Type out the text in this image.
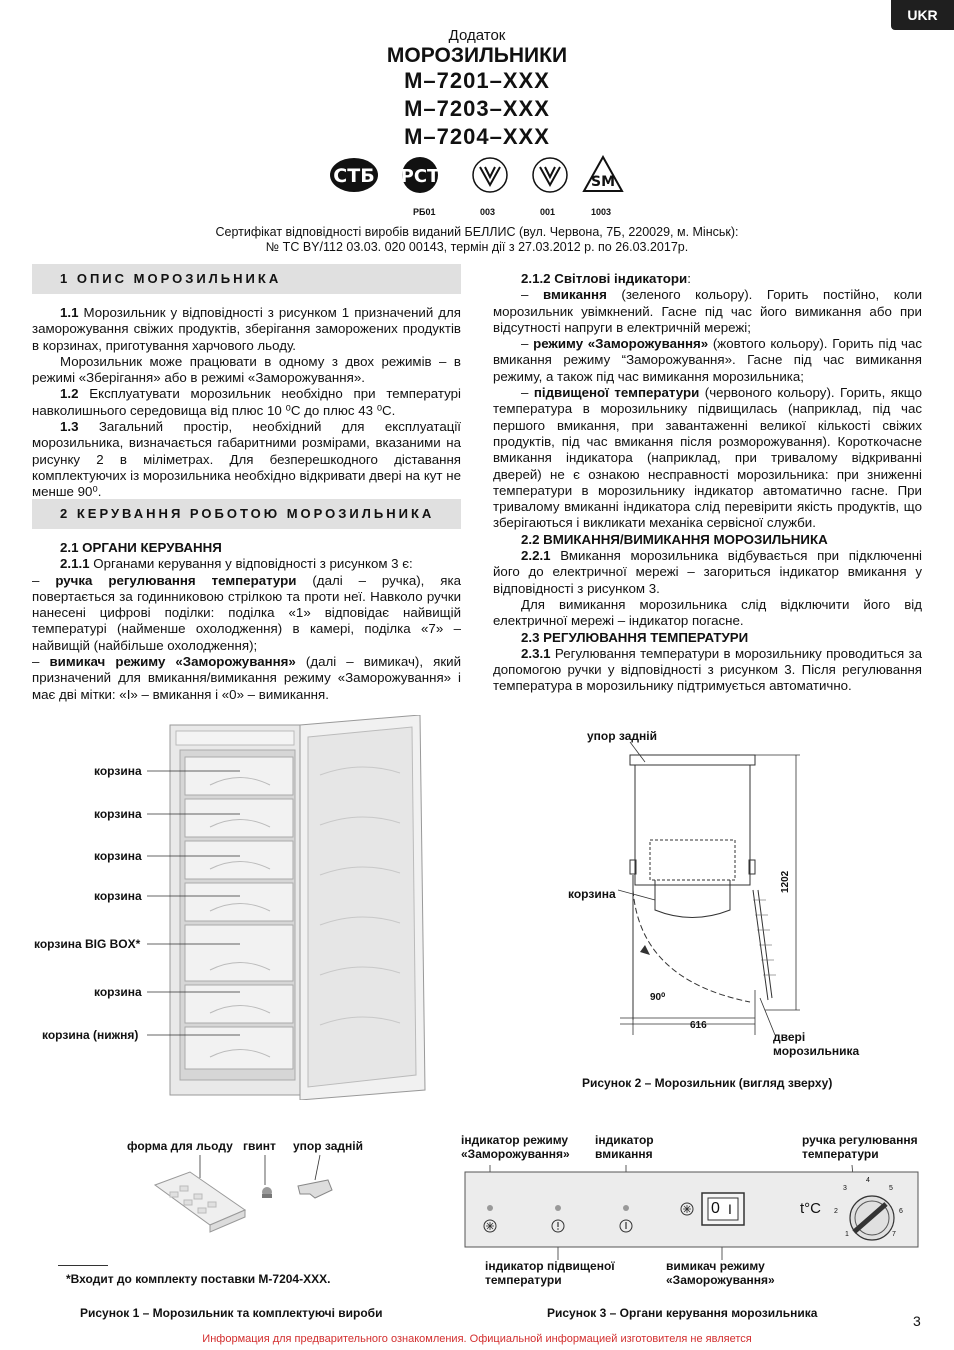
UKR
Додаток
МОРОЗИЛЬНИКИ
М–7201–XXX
М–7203–XXX
М–7204–XXX
СТБ РСТ	SM
РБ01	003	001	1003
Сертифікат відповідності виробів виданий БЕЛЛИС (вул. Червона, 7Б, 220029, м. Мінськ):
№ ТС BY/112 03.03. 020 00143, термін дії з 27.03.2012 р. по 26.03.2017р.
1 ОПИС МОРОЗИЛЬНИКА

1.1 Морозильник у відповідності з рисунком 1 призначений для заморожування свіжих продуктів, зберігання заморожених продуктів в корзинах, приготування харчового льоду.

Морозильник може працювати в одному з двох режимів – в режимі «Зберігання» або в режимі «Заморожування».

1.2 Експлуатувати морозильник необхідно при температурі навколишнього середовища від плюс 10 ⁰С до плюс 43 ⁰С.

1.3 Загальний простір, необхідний для експлуатації морозильника, визначається габаритними розмірами, вказаними на рисунку 2 в міліметрах. Для безперешкодного діставання комплектуючих із морозильника необхідно відкривати двері на кут не менше 90⁰.

2 КЕРУВАННЯ РОБОТОЮ МОРОЗИЛЬНИКА

2.1 ОРГАНИ КЕРУВАННЯ

2.1.1 Органами керування у відповідності з рисунком 3 є:

– ручка регулювання температури (далі – ручка), яка повертається за годинниковою стрілкою та проти неї. Навколо ручки нанесені цифрові поділки: поділка «1» відповідає найвищій температурі (найменше охолодження) в камері, поділка «7» – найвищій (найбільше охолодження);

– вимикач режиму «Заморожування» (далі – вимикач), який призначений для вмикання/вимикання режиму «Заморожування» і має дві мітки: «I» – вмикання і «0» – вимикання.

2.1.2 Світлові індикатори:

– вмикання (зеленого кольору). Горить постійно, коли морозильник увімкнений. Гасне під час його вимикання або при відсутності напруги в електричній мережі;

– режиму «Заморожування» (жовтого кольору). Горить під час вмикання режиму “Заморожування». Гасне під час вимикання режиму, а також під час вимикання морозильника;

– підвищеної температури (червоного кольору). Горить, якщо температура в морозильнику підвищилась (наприклад, під час першого вмикання, при завантаженні великої кількості свіжих продуктів, під час вмикання після розморожування). Короткочасне вмикання індикатора (наприклад, при тривалому відкриванні дверей) не є ознакою несправності морозильника: при зниженні температури в морозильнику індикатор автоматично гасне. При тривалому вмиканні індикатора слід перевірити якість продуктів, що зберігаються і викликати механіка сервісної служби.

2.2 ВМИКАННЯ/ВИМИКАННЯ МОРОЗИЛЬНИКА

2.2.1 Вмикання морозильника відбувається при підключенні його до електричної мережі – загориться індикатор вмикання у відповідності з рисунком 3.

Для вимикання морозильника слід відключити його від електричної мережі – індикатор погасне.

2.3 РЕГУЛЮВАННЯ ТЕМПЕРАТУРИ

2.3.1 Регулювання температури в морозильнику проводиться за допомогою ручки у відповідності з рисунком 3. Після регулювання температура в морозильнику підтримується автоматично.

корзина
корзина
корзина
корзина
корзина BIG BOX*
корзина
корзина (нижня)
форма для льоду гвинт упор задній
*Входит до комплекту поставки М-7204-ХХХ.
Рисунок 1 – Морозильник та комплектуючі вироби
упор задній
корзина
1202
90⁰
616
двері
морозильника
Рисунок 2 – Морозильник (вигляд зверху)
індикатор режиму
«Заморожування»
індикатор
вмикання
ручка регулювання
температури
0 I	t°C
1
2
3
4
5
6
7
індикатор підвищеної
температури
вимикач режиму
«Заморожування»
Рисунок 3 – Органи керування морозильника	3
Информация для предварительного ознакомления. Официальной информацией изготовителя не является
